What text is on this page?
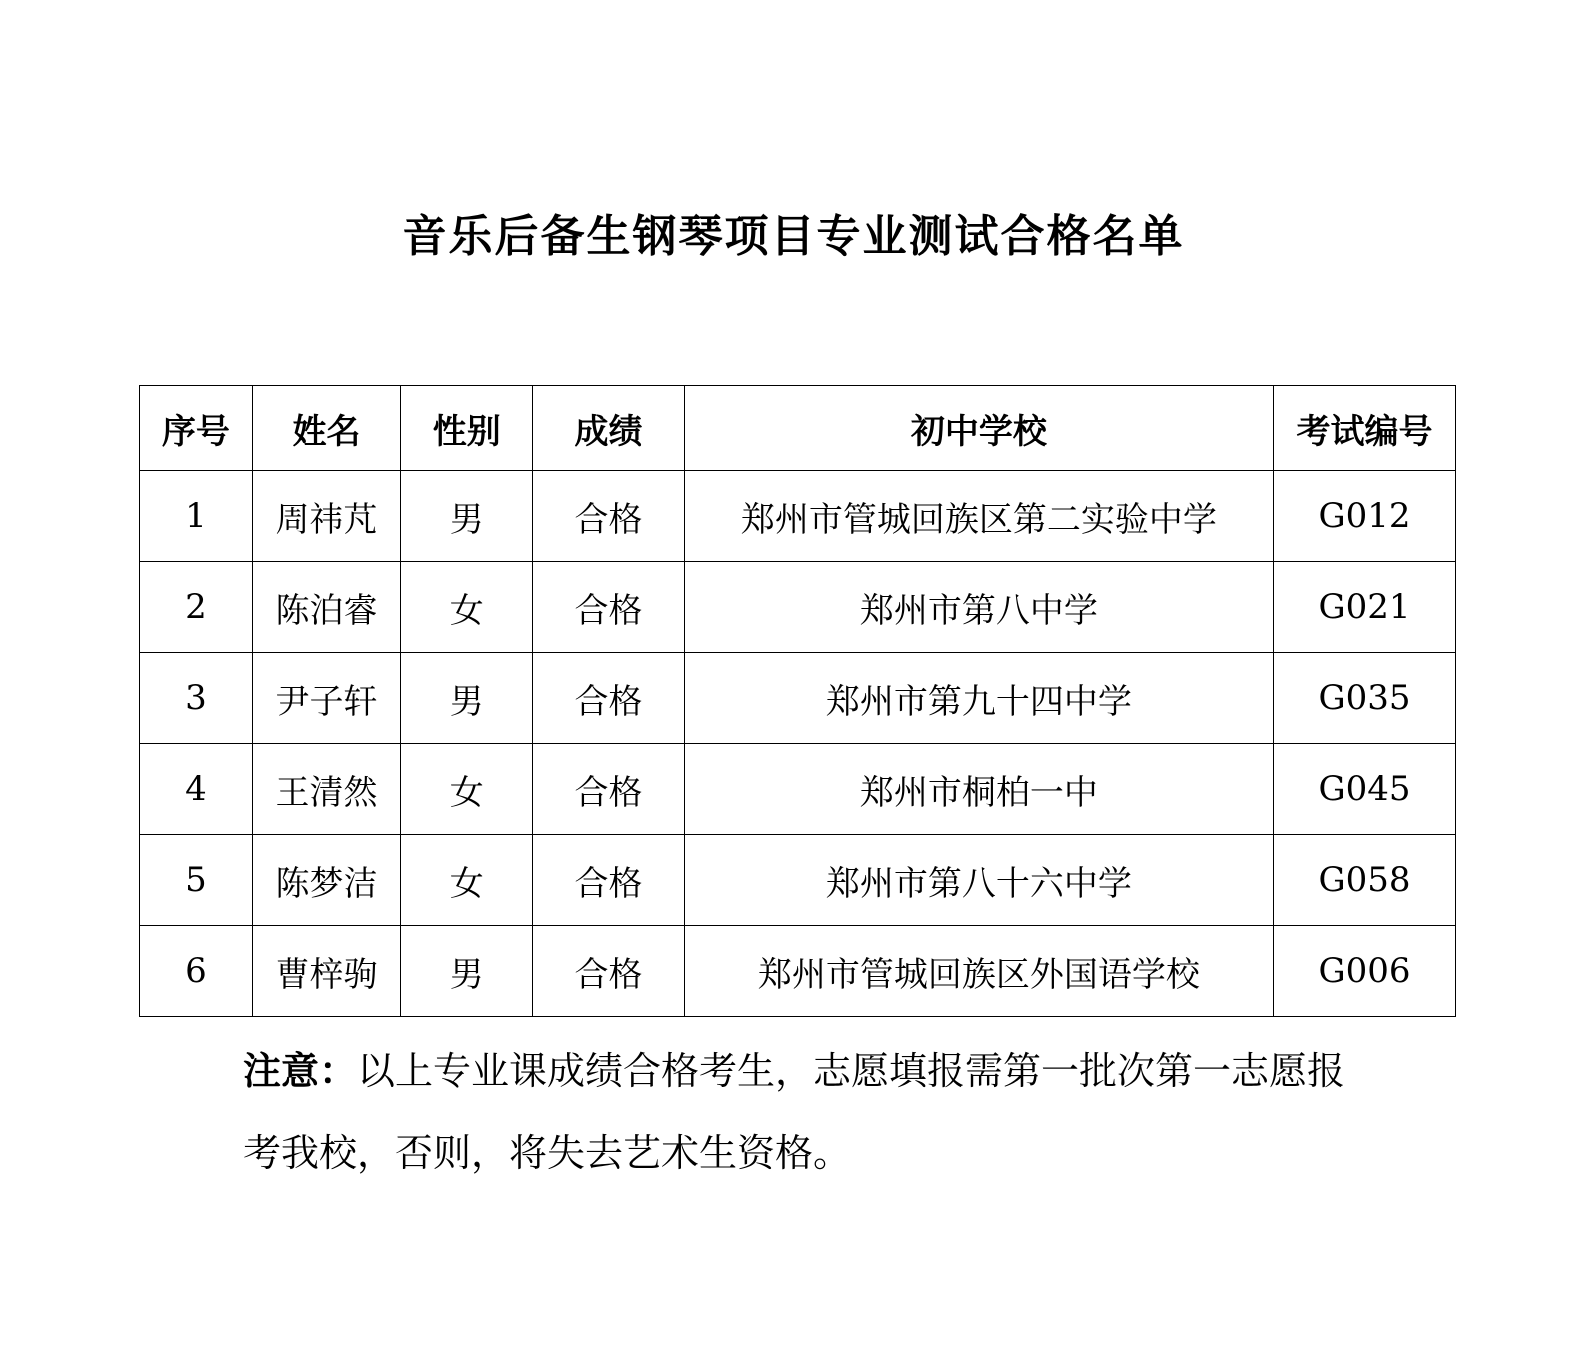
音乐后备生钢琴项目专业测试合格名单
序号	姓名	性别	成绩	初中学校	考试编号
1	周祎芃	男	合格	郑州市管城回族区第二实验中学	G012
2	陈泊睿	女	合格	郑州市第八中学	G021
3	尹子轩	男	合格	郑州市第九十四中学	G035
4	王清然	女	合格	郑州市桐柏一中	G045
5	陈梦洁	女	合格	郑州市第八十六中学	G058
6	曹梓驹	男	合格	郑州市管城回族区外国语学校	G006
注意：以上专业课成绩合格考生，志愿填报需第一批次第一志愿报考我校，否则，将失去艺术生资格。
